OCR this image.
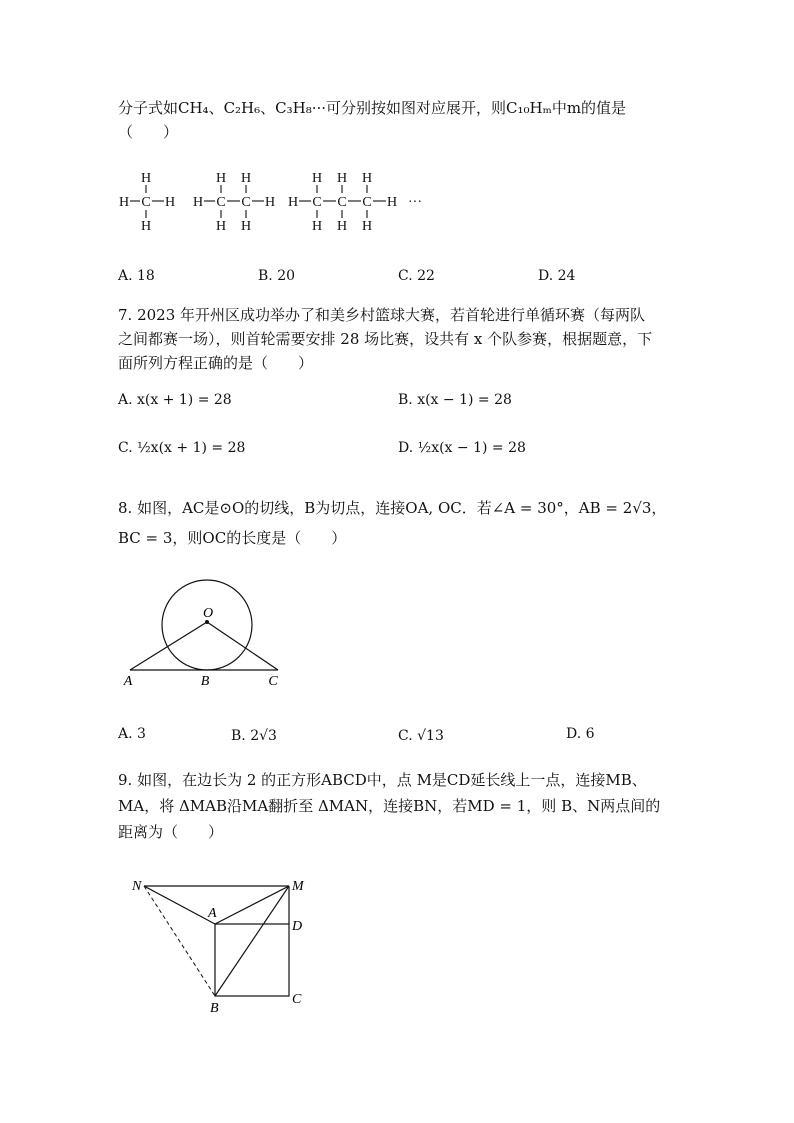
分子式如CH₄、C₂H₆、C₃H₈···可分别按如图对应展开，则C₁₀Hₘ中m的值是
（　　）
H
H C H
H
H H
H C C H
H H
H H H
H C C C H ···
H H H
A. 18	B. 20	C. 22	D. 24
7. 2023 年开州区成功举办了和美乡村篮球大赛，若首轮进行单循环赛（每两队
之间都赛一场），则首轮需要安排 28 场比赛，设共有 x 个队参赛，根据题意，下
面所列方程正确的是（　　）
A. x(x + 1) = 28	B. x(x − 1) = 28
C. ½x(x + 1) = 28	D. ½x(x − 1) = 28
8. 如图，AC是⊙O的切线，B为切点，连接OA, OC．若∠A = 30°，AB = 2√3，
BC = 3，则OC的长度是（　　）
O
A	B	C
A. 3	B. 2√3	C. √13	D. 6
9. 如图，在边长为 2 的正方形ABCD中，点 M是CD延长线上一点，连接MB、
MA，将 ΔMAB沿MA翻折至 ΔMAN，连接BN，若MD = 1，则 B、N两点间的
距离为（　　）
N	M
A
D
B
C
